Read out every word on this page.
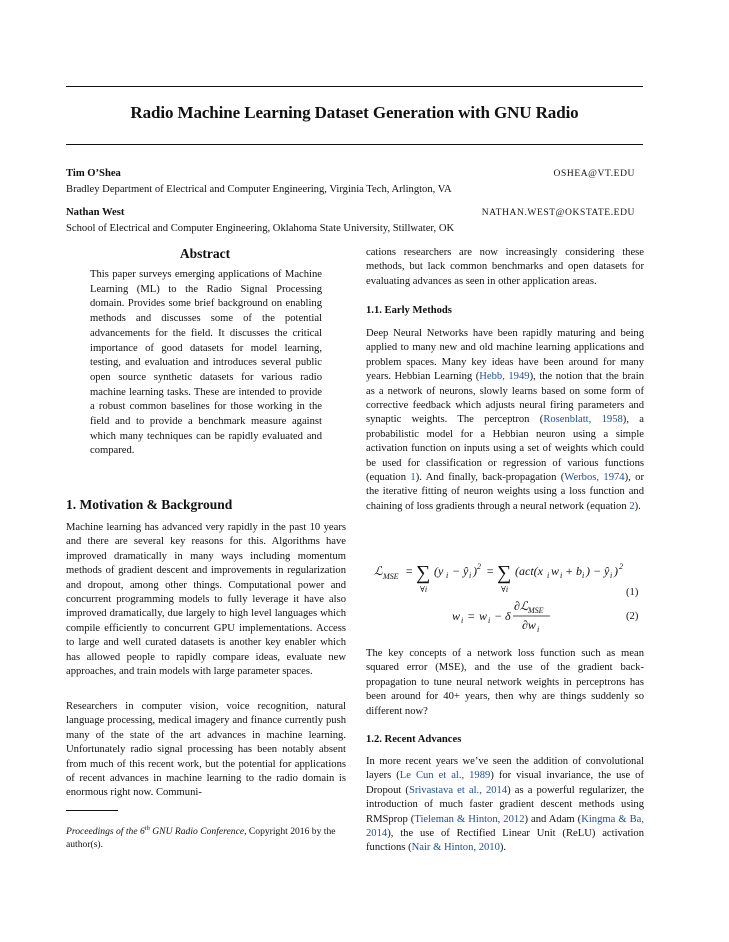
Radio Machine Learning Dataset Generation with GNU Radio
Tim O’Shea	OSHEA@VT.EDU
Bradley Department of Electrical and Computer Engineering, Virginia Tech, Arlington, VA
Nathan West	NATHAN.WEST@OKSTATE.EDU
School of Electrical and Computer Engineering, Oklahoma State University, Stillwater, OK
Abstract
This paper surveys emerging applications of Machine Learning (ML) to the Radio Signal Processing domain. Provides some brief background on enabling methods and discusses some of the potential advancements for the field. It discusses the critical importance of good datasets for model learning, testing, and evaluation and introduces several public open source synthetic datasets for various radio machine learning tasks. These are intended to provide a robust common baselines for those working in the field and to provide a benchmark measure against which many techniques can be rapidly evaluated and compared.
1. Motivation & Background
Machine learning has advanced very rapidly in the past 10 years and there are several key reasons for this. Algorithms have improved dramatically in many ways including momentum methods of gradient descent and improvements in regularization and dropout, among other things. Computational power and concurrent programming models to fully leverage it have also improved dramatically, due largely to high level languages which compile efficiently to concurrent GPU implementations. Access to large and well curated datasets is another key enabler which has allowed people to rapidly compare ideas, evaluate new approaches, and train models with large parameter spaces.
Researchers in computer vision, voice recognition, natural language processing, medical imagery and finance currently push many of the state of the art advances in machine learning. Unfortunately radio signal processing has been notably absent from much of this recent work, but the potential for applications of recent advances in machine learning to the radio domain is enormous right now. Communi-
Proceedings of the 6th GNU Radio Conference, Copyright 2016 by the author(s).
cations researchers are now increasingly considering these methods, but lack common benchmarks and open datasets for evaluating advances as seen in other application areas.
1.1. Early Methods
Deep Neural Networks have been rapidly maturing and being applied to many new and old machine learning applications and problem spaces. Many key ideas have been around for many years. Hebbian Learning (Hebb, 1949), the notion that the brain as a network of neurons, slowly learns based on some form of corrective feedback which adjusts neural firing parameters and synaptic weights. The perceptron (Rosenblatt, 1958), a probabilistic model for a Hebbian neuron using a simple activation function on inputs using a set of weights which could be used for classification or regression of various functions (equation 1). And finally, back-propagation (Werbos, 1974), or the iterative fitting of neuron weights using a loss function and chaining of loss gradients through a neural network (equation 2).
ℒ MSE = ∑
∀i
(y i − ŷ i ) 2 = ∑
∀i
(act(x i w i + b i ) − ŷ i ) 2
(1)
w i = w i − δ
∂ℒ MSE
∂w i
(2)
The key concepts of a network loss function such as mean squared error (MSE), and the use of the gradient back-propagation to tune neural network weights in perceptrons has been around for 40+ years, then why are things suddenly so different now?
1.2. Recent Advances
In more recent years we’ve seen the addition of convolutional layers (Le Cun et al., 1989) for visual invariance, the use of Dropout (Srivastava et al., 2014) as a powerful regularizer, the introduction of much faster gradient descent methods using RMSprop (Tieleman & Hinton, 2012) and Adam (Kingma & Ba, 2014), the use of Rectified Linear Unit (ReLU) activation functions (Nair & Hinton, 2010).
